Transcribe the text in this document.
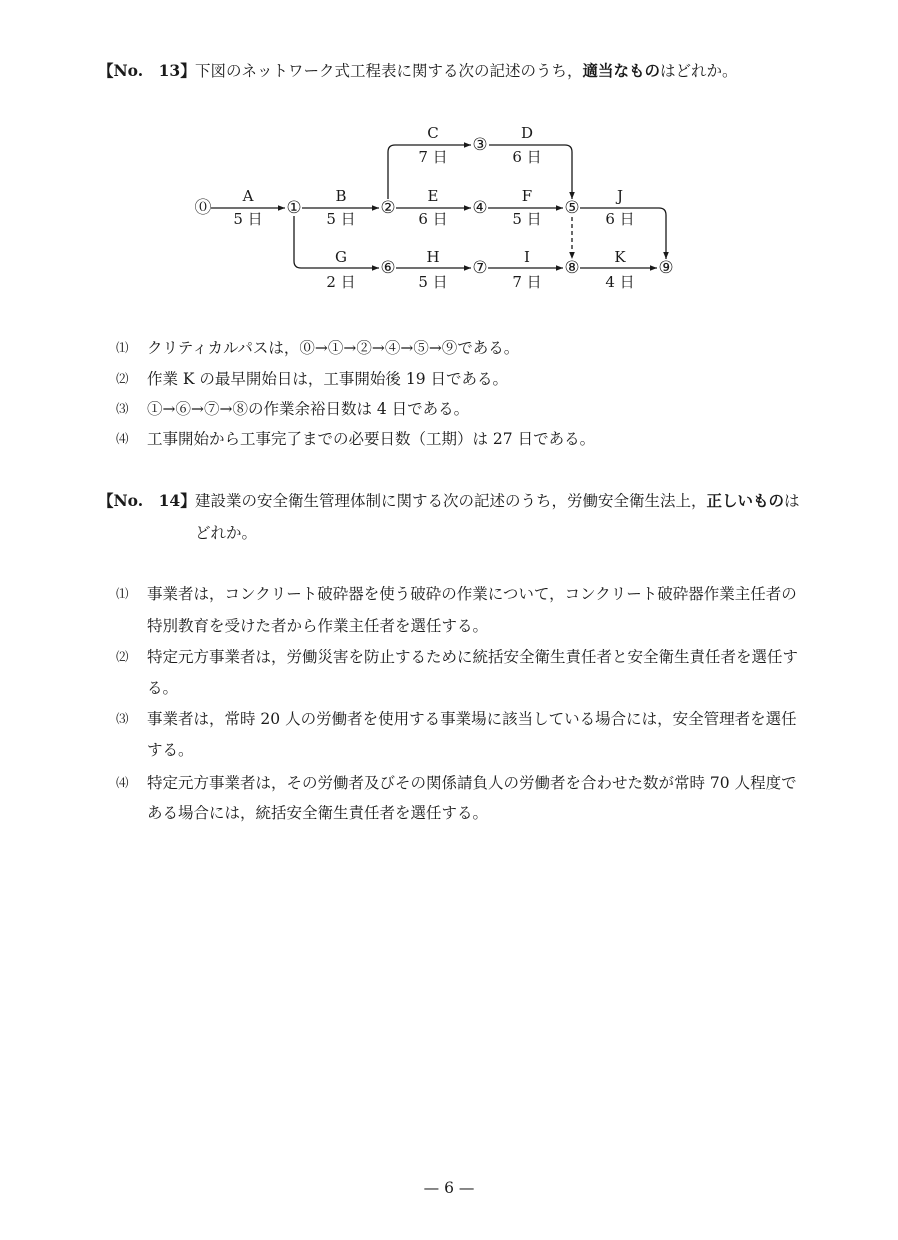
【No.　13】 下図のネットワーク式工程表に関する次の記述のうち，適当なものはどれか。
⓪	①	②
③
④	⑤
⑥	⑦	⑧	⑨
A
5 日
B
5 日
C
7 日
D
6 日
E
6 日
F
5 日
G
2 日
H
5 日
I
7 日
J
6 日
K
4 日
⑴ クリティカルパスは，⓪→①→②→④→⑤→⑨である。
⑵ 作業 K の最早開始日は，工事開始後 19 日である。
⑶ ①→⑥→⑦→⑧の作業余裕日数は 4 日である。
⑷ 工事開始から工事完了までの必要日数（工期）は 27 日である。
【No.　14】 建設業の安全衛生管理体制に関する次の記述のうち，労働安全衛生法上，正しいものは
どれか。
⑴ 事業者は，コンクリート破砕器を使う破砕の作業について，コンクリート破砕器作業主任者の
特別教育を受けた者から作業主任者を選任する。
⑵ 特定元方事業者は，労働災害を防止するために統括安全衛生責任者と安全衛生責任者を選任す
る。
⑶ 事業者は，常時 20 人の労働者を使用する事業場に該当している場合には，安全管理者を選任
する。
⑷ 特定元方事業者は，その労働者及びその関係請負人の労働者を合わせた数が常時 70 人程度で
ある場合には，統括安全衛生責任者を選任する。
— 6 —
